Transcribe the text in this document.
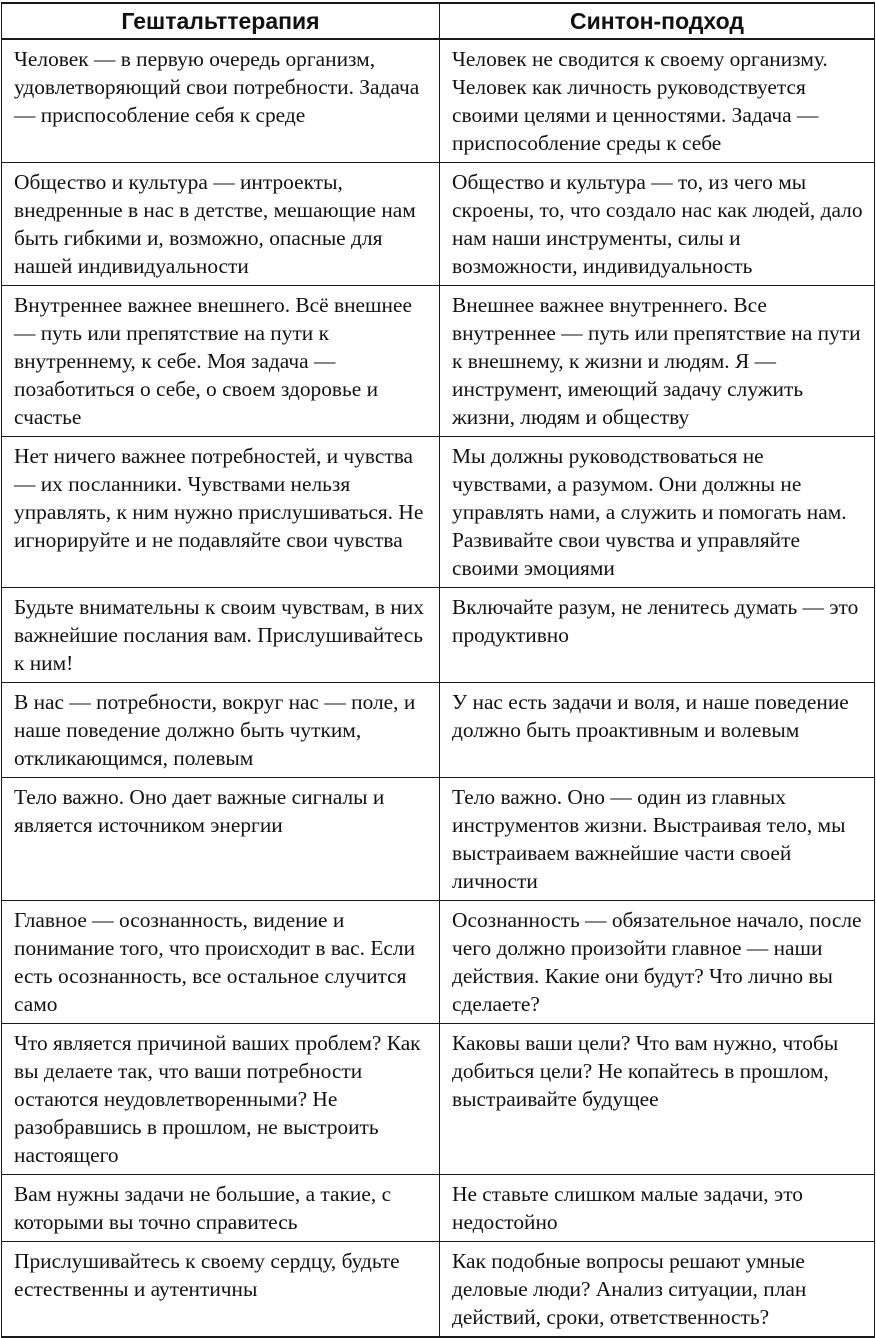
Гештальттерапия	Синтон-подход
Человек — в первую очередь организм, удовлетворяющий свои потребности. Задача — приспособление себя к среде	Человек не сводится к своему организму. Человек как личность руководствуется своими целями и ценностями. Задача — приспособление среды к себе
Общество и культура — интроекты, внедренные в нас в детстве, мешающие нам быть гибкими и, возможно, опасные для нашей индивидуальности	Общество и культура — то, из чего мы скроены, то, что создало нас как людей, дало нам наши инструменты, силы и возможности, индивидуальность
Внутреннее важнее внешнего. Всё внешнее — путь или препятствие на пути к внутреннему, к себе. Моя задача — позаботиться о себе, о своем здоровье и счастье	Внешнее важнее внутреннего. Все внутреннее — путь или препятствие на пути к внешнему, к жизни и людям. Я — инструмент, имеющий задачу служить жизни, людям и обществу
Нет ничего важнее потребностей, и чувства — их посланники. Чувствами нельзя управлять, к ним нужно прислушиваться. Не игнорируйте и не подавляйте свои чувства	Мы должны руководствоваться не чувствами, а разумом. Они должны не управлять нами, а служить и помогать нам. Развивайте свои чувства и управляйте своими эмоциями
Будьте внимательны к своим чувствам, в них важнейшие послания вам. Прислушивайтесь к ним!	Включайте разум, не ленитесь думать — это продуктивно
В нас — потребности, вокруг нас — поле, и наше поведение должно быть чутким, откликающимся, полевым	У нас есть задачи и воля, и наше поведение должно быть проактивным и волевым
Тело важно. Оно дает важные сигналы и является источником энергии	Тело важно. Оно — один из главных инструментов жизни. Выстраивая тело, мы выстраиваем важнейшие части своей личности
Главное — осознанность, видение и понимание того, что происходит в вас. Если есть осознанность, все остальное случится само	Осознанность — обязательное начало, после чего должно произойти главное — наши действия. Какие они будут? Что лично вы сделаете?
Что является причиной ваших проблем? Как вы делаете так, что ваши потребности остаются неудовлетворенными? Не разобравшись в прошлом, не выстроить настоящего	Каковы ваши цели? Что вам нужно, чтобы добиться цели? Не копайтесь в прошлом, выстраивайте будущее
Вам нужны задачи не большие, а такие, с которыми вы точно справитесь	Не ставьте слишком малые задачи, это недостойно
Прислушивайтесь к своему сердцу, будьте естественны и аутентичны	Как подобные вопросы решают умные деловые люди? Анализ ситуации, план действий, сроки, ответственность?
